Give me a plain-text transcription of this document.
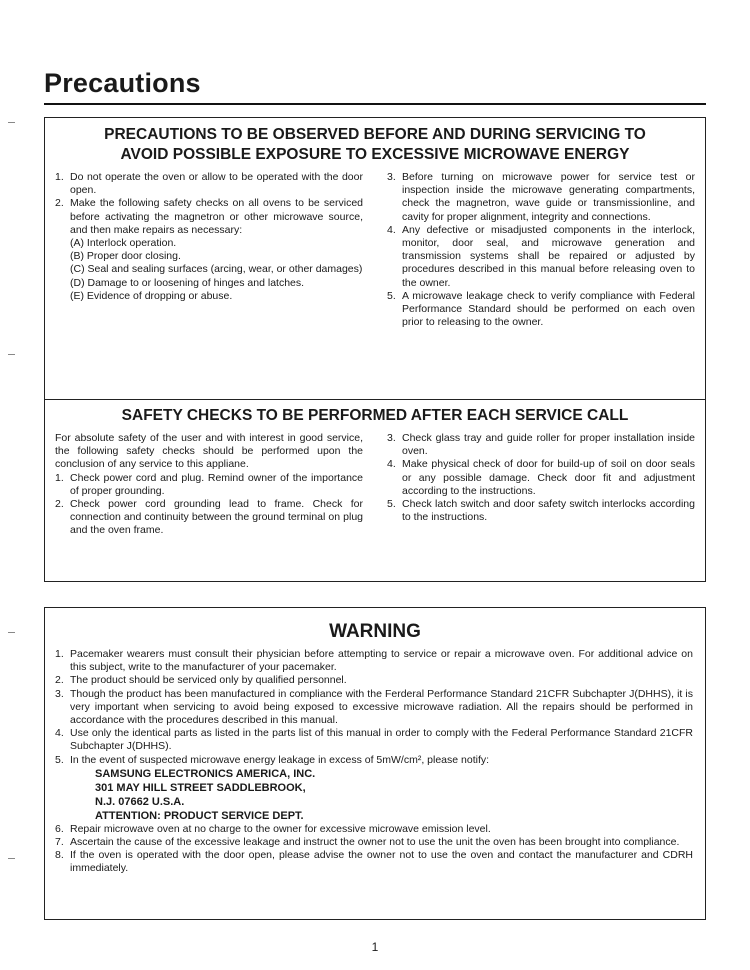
Precautions
PRECAUTIONS TO BE OBSERVED BEFORE AND DURING SERVICING TO
AVOID POSSIBLE EXPOSURE TO EXCESSIVE MICROWAVE ENERGY
1. Do not operate the oven or allow to be operated with the door open.
2. Make the following safety checks on all ovens to be serviced before activating the magnetron or other microwave source, and then make repairs as necessary:
(A) Interlock operation.
(B) Proper door closing.
(C) Seal and sealing surfaces (arcing, wear, or other damages)
(D) Damage to or loosening of hinges and latches.
(E) Evidence of dropping or abuse.
3. Before turning on microwave power for service test or inspection inside the microwave generating compartments, check the magnetron, wave guide or transmissionline, and cavity for proper alignment, integrity and connections.
4. Any defective or misadjusted components in the interlock, monitor, door seal, and microwave generation and transmission systems shall be repaired or adjusted by procedures described in this manual before releasing oven to the owner.
5. A microwave leakage check to verify compliance with Federal Performance Standard should be performed on each oven prior to releasing to the owner.
SAFETY CHECKS TO BE PERFORMED AFTER EACH SERVICE CALL
For absolute safety of the user and with interest in good service, the following safety checks should be performed upon the conclusion of any service to this appliane.
1. Check power cord and plug. Remind owner of the importance of proper grounding.
2. Check power cord grounding lead to frame. Check for connection and continuity between the ground terminal on plug and the oven frame.
3. Check glass tray and guide roller for proper installation inside oven.
4. Make physical check of door for build-up of soil on door seals or any possible damage. Check door fit and adjustment according to the instructions.
5. Check latch switch and door safety switch interlocks according to the instructions.
WARNING
1. Pacemaker wearers must consult their physician before attempting to service or repair a microwave oven. For additional advice on this subject, write to the manufacturer of your pacemaker.
2. The product should be serviced only by qualified personnel.
3. Though the product has been manufactured in compliance with the Ferderal Performance Standard 21CFR Subchapter J(DHHS), it is very important when servicing to avoid being exposed to excessive microwave radiation. All the repairs should be performed in accordance with the procedures described in this manual.
4. Use only the identical parts as listed in the parts list of this manual in order to comply with the Federal Performance Standard 21CFR Subchapter J(DHHS).
5. In the event of suspected microwave energy leakage in excess of 5mW/cm², please notify:
SAMSUNG ELECTRONICS AMERICA, INC.
301 MAY HILL STREET SADDLEBROOK,
N.J. 07662 U.S.A.
ATTENTION: PRODUCT SERVICE DEPT.
6. Repair microwave oven at no charge to the owner for excessive microwave emission level.
7. Ascertain the cause of the excessive leakage and instruct the owner not to use the unit the oven has been brought into compliance.
8. If the oven is operated with the door open, please advise the owner not to use the oven and contact the manufacturer and CDRH immediately.
1
